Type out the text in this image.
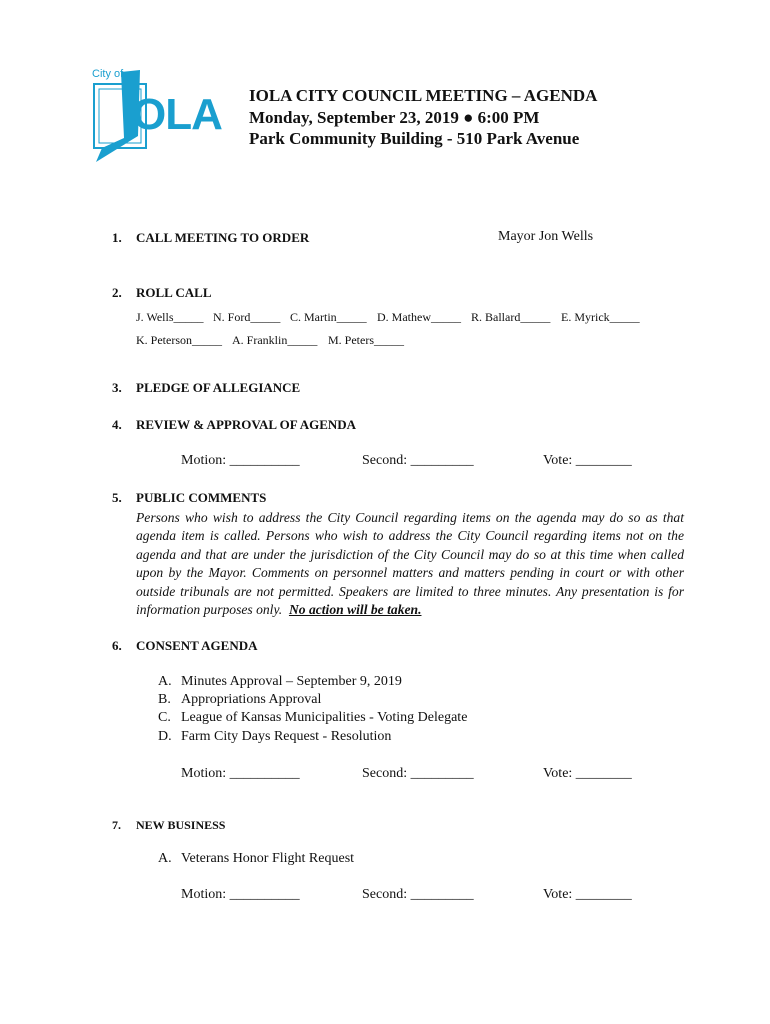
City of
OLA IOLA CITY COUNCIL MEETING – AGENDA
Monday, September 23, 2019 ● 6:00 PM
Park Community Building - 510 Park Avenue
1. CALL MEETING TO ORDER	Mayor Jon Wells
2. ROLL CALL
J. Wells_____ N. Ford_____ C. Martin_____ D. Mathew_____ R. Ballard_____ E. Myrick_____
K. Peterson_____ A. Franklin_____ M. Peters_____
3. PLEDGE OF ALLEGIANCE
4. REVIEW & APPROVAL OF AGENDA
Motion: __________	Second: _________	Vote: ________
5. PUBLIC COMMENTS
Persons who wish to address the City Council regarding items on the agenda may do so as that agenda item is called. Persons who wish to address the City Council regarding items not on the agenda and that are under the jurisdiction of the City Council may do so at this time when called upon by the Mayor. Comments on personnel matters and matters pending in court or with other outside tribunals are not permitted. Speakers are limited to three minutes. Any presentation is for information purposes only. No action will be taken.
6. CONSENT AGENDA
A. Minutes Approval – September 9, 2019
B. Appropriations Approval
C. League of Kansas Municipalities - Voting Delegate
D. Farm City Days Request - Resolution
Motion: __________	Second: _________	Vote: ________
7. NEW BUSINESS
A. Veterans Honor Flight Request
Motion: __________	Second: _________	Vote: ________
